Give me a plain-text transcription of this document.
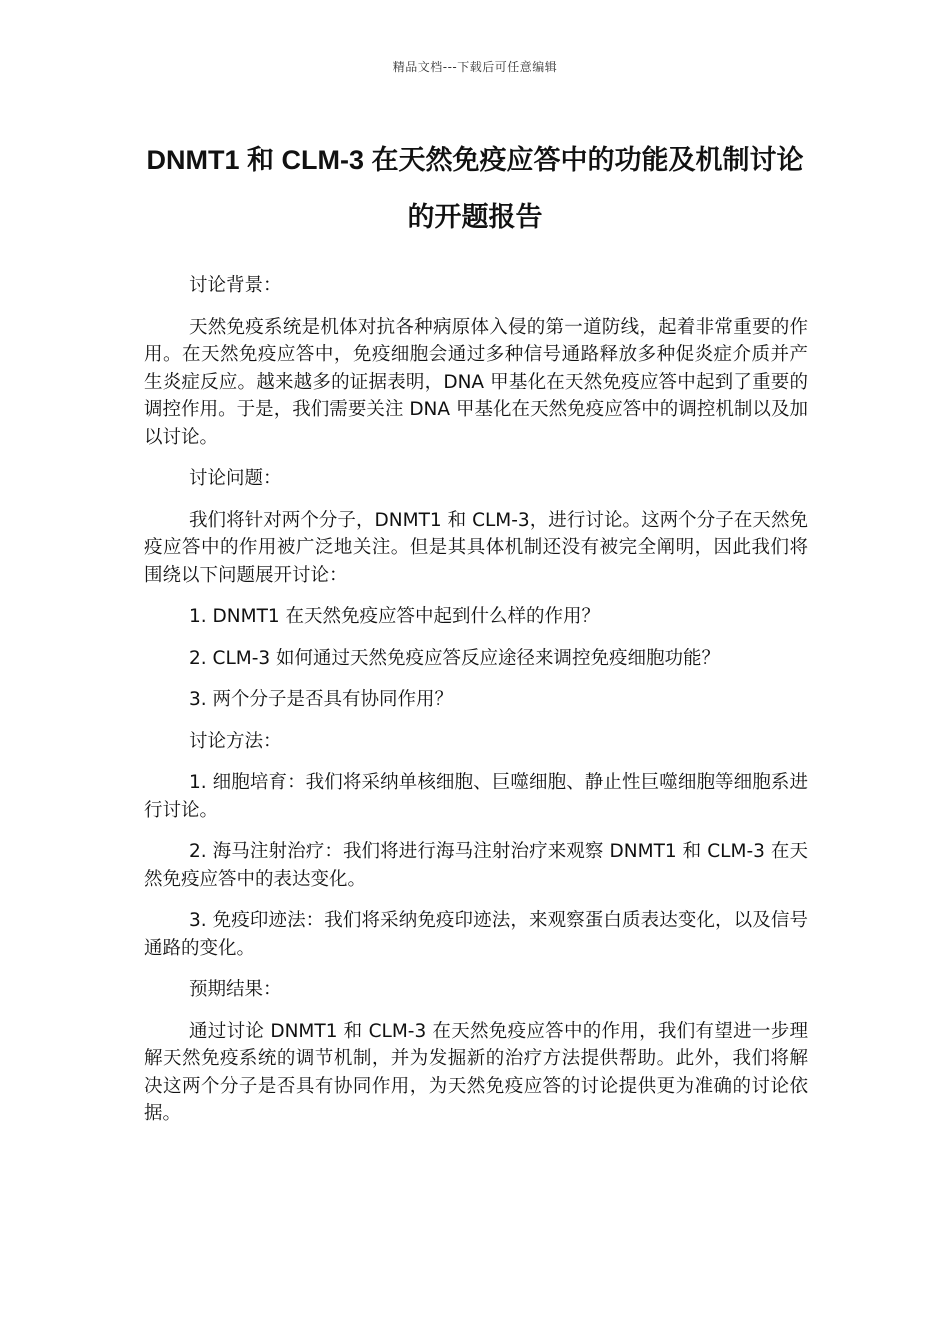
精品文档---下载后可任意编辑
DNMT1 和 CLM-3 在天然免疫应答中的功能及机制讨论的开题报告

讨论背景：

天然免疫系统是机体对抗各种病原体入侵的第一道防线，起着非常重要的作用。在天然免疫应答中，免疫细胞会通过多种信号通路释放多种促炎症介质并产生炎症反应。越来越多的证据表明，DNA 甲基化在天然免疫应答中起到了重要的调控作用。于是，我们需要关注 DNA 甲基化在天然免疫应答中的调控机制以及加以讨论。

讨论问题：

我们将针对两个分子，DNMT1 和 CLM-3，进行讨论。这两个分子在天然免疫应答中的作用被广泛地关注。但是其具体机制还没有被完全阐明，因此我们将围绕以下问题展开讨论：

1. DNMT1 在天然免疫应答中起到什么样的作用？

2. CLM-3 如何通过天然免疫应答反应途径来调控免疫细胞功能？

3. 两个分子是否具有协同作用？

讨论方法：

1. 细胞培育：我们将采纳单核细胞、巨噬细胞、静止性巨噬细胞等细胞系进行讨论。

2. 海马注射治疗：我们将进行海马注射治疗来观察 DNMT1 和 CLM-3 在天然免疫应答中的表达变化。

3. 免疫印迹法：我们将采纳免疫印迹法，来观察蛋白质表达变化，以及信号通路的变化。

预期结果：

通过讨论 DNMT1 和 CLM-3 在天然免疫应答中的作用，我们有望进一步理解天然免疫系统的调节机制，并为发掘新的治疗方法提供帮助。此外，我们将解决这两个分子是否具有协同作用，为天然免疫应答的讨论提供更为准确的讨论依据。
